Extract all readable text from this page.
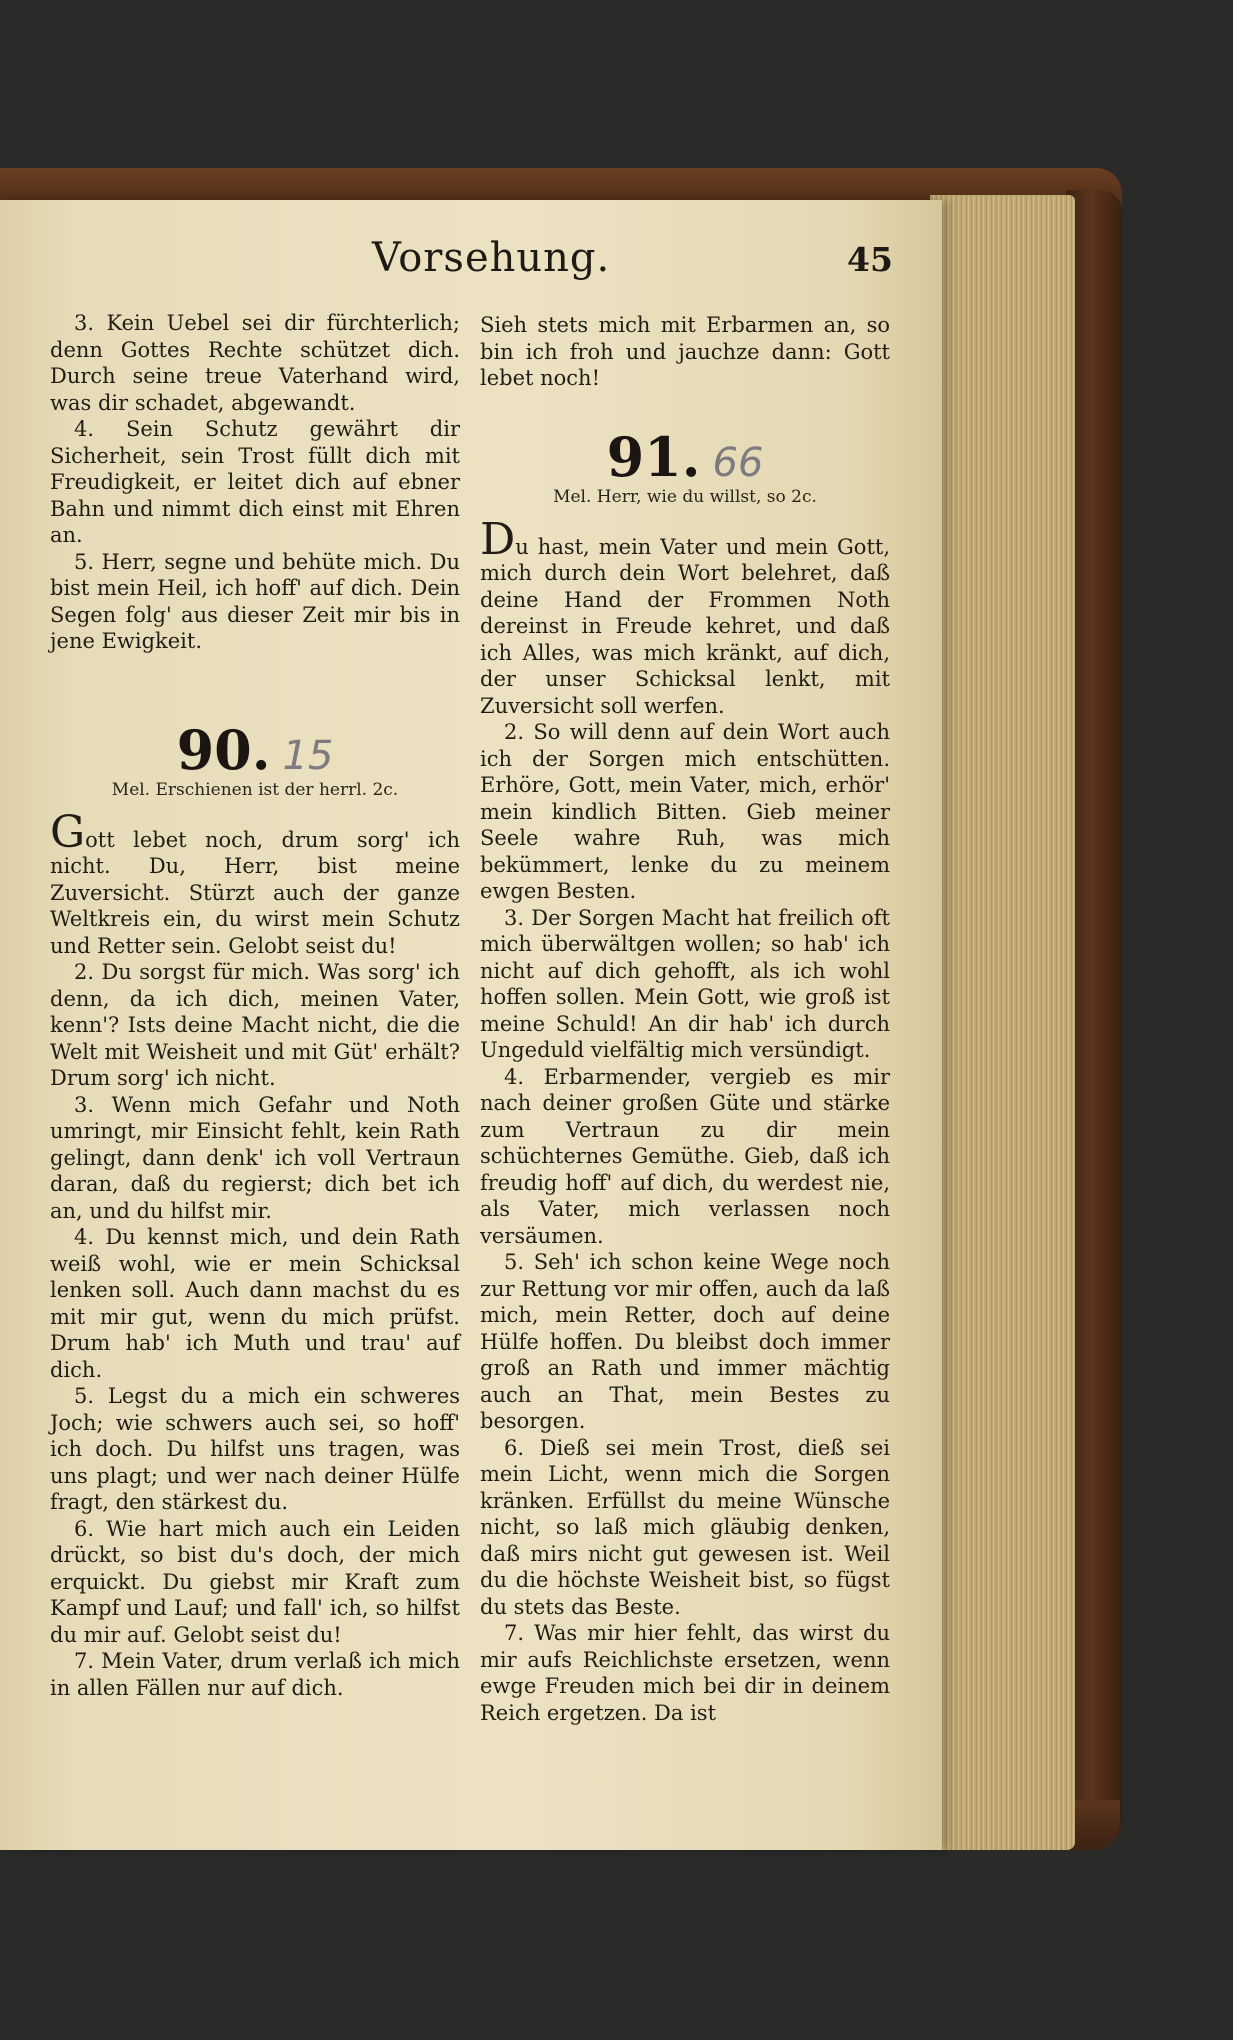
Vorsehung.	45

3. Kein Uebel sei dir fürchterlich; denn Gottes Rechte schützet dich. Durch seine treue Vaterhand wird, was dir schadet, abgewandt.

4. Sein Schutz gewährt dir Sicherheit, sein Trost füllt dich mit Freudigkeit, er leitet dich auf ebner Bahn und nimmt dich einst mit Ehren an.

5. Herr, segne und behüte mich. Du bist mein Heil, ich hoff' auf dich. Dein Segen folg' aus dieser Zeit mir bis in jene Ewigkeit.

90. 15

Mel. Erschienen ist der herrl. 2c.

Gott lebet noch, drum sorg' ich nicht. Du, Herr, bist meine Zuversicht. Stürzt auch der ganze Weltkreis ein, du wirst mein Schutz und Retter sein. Gelobt seist du!

2. Du sorgst für mich. Was sorg' ich denn, da ich dich, meinen Vater, kenn'? Ists deine Macht nicht, die die Welt mit Weisheit und mit Güt' erhält? Drum sorg' ich nicht.

3. Wenn mich Gefahr und Noth umringt, mir Einsicht fehlt, kein Rath gelingt, dann denk' ich voll Vertraun daran, daß du regierst; dich bet ich an, und du hilfst mir.

4. Du kennst mich, und dein Rath weiß wohl, wie er mein Schicksal lenken soll. Auch dann machst du es mit mir gut, wenn du mich prüfst. Drum hab' ich Muth und trau' auf dich.

5. Legst du a mich ein schweres Joch; wie schwers auch sei, so hoff' ich doch. Du hilfst uns tragen, was uns plagt; und wer nach deiner Hülfe fragt, den stärkest du.

6. Wie hart mich auch ein Leiden drückt, so bist du's doch, der mich erquickt. Du giebst mir Kraft zum Kampf und Lauf; und fall' ich, so hilfst du mir auf. Gelobt seist du!

7. Mein Vater, drum verlaß ich mich in allen Fällen nur auf dich.

Sieh stets mich mit Erbarmen an, so bin ich froh und jauchze dann: Gott lebet noch!

91. 66

Mel. Herr, wie du willst, so 2c.

Du hast, mein Vater und mein Gott, mich durch dein Wort belehret, daß deine Hand der Frommen Noth dereinst in Freude kehret, und daß ich Alles, was mich kränkt, auf dich, der unser Schicksal lenkt, mit Zuversicht soll werfen.

2. So will denn auf dein Wort auch ich der Sorgen mich entschütten. Erhöre, Gott, mein Vater, mich, erhör' mein kindlich Bitten. Gieb meiner Seele wahre Ruh, was mich bekümmert, lenke du zu meinem ewgen Besten.

3. Der Sorgen Macht hat freilich oft mich überwältgen wollen; so hab' ich nicht auf dich gehofft, als ich wohl hoffen sollen. Mein Gott, wie groß ist meine Schuld! An dir hab' ich durch Ungeduld vielfältig mich versündigt.

4. Erbarmender, vergieb es mir nach deiner großen Güte und stärke zum Vertraun zu dir mein schüchternes Gemüthe. Gieb, daß ich freudig hoff' auf dich, du werdest nie, als Vater, mich verlassen noch versäumen.

5. Seh' ich schon keine Wege noch zur Rettung vor mir offen, auch da laß mich, mein Retter, doch auf deine Hülfe hoffen. Du bleibst doch immer groß an Rath und immer mächtig auch an That, mein Bestes zu besorgen.

6. Dieß sei mein Trost, dieß sei mein Licht, wenn mich die Sorgen kränken. Erfüllst du meine Wünsche nicht, so laß mich gläubig denken, daß mirs nicht gut gewesen ist. Weil du die höchste Weisheit bist, so fügst du stets das Beste.

7. Was mir hier fehlt, das wirst du mir aufs Reichlichste ersetzen, wenn ewge Freuden mich bei dir in deinem Reich ergetzen. Da ist
